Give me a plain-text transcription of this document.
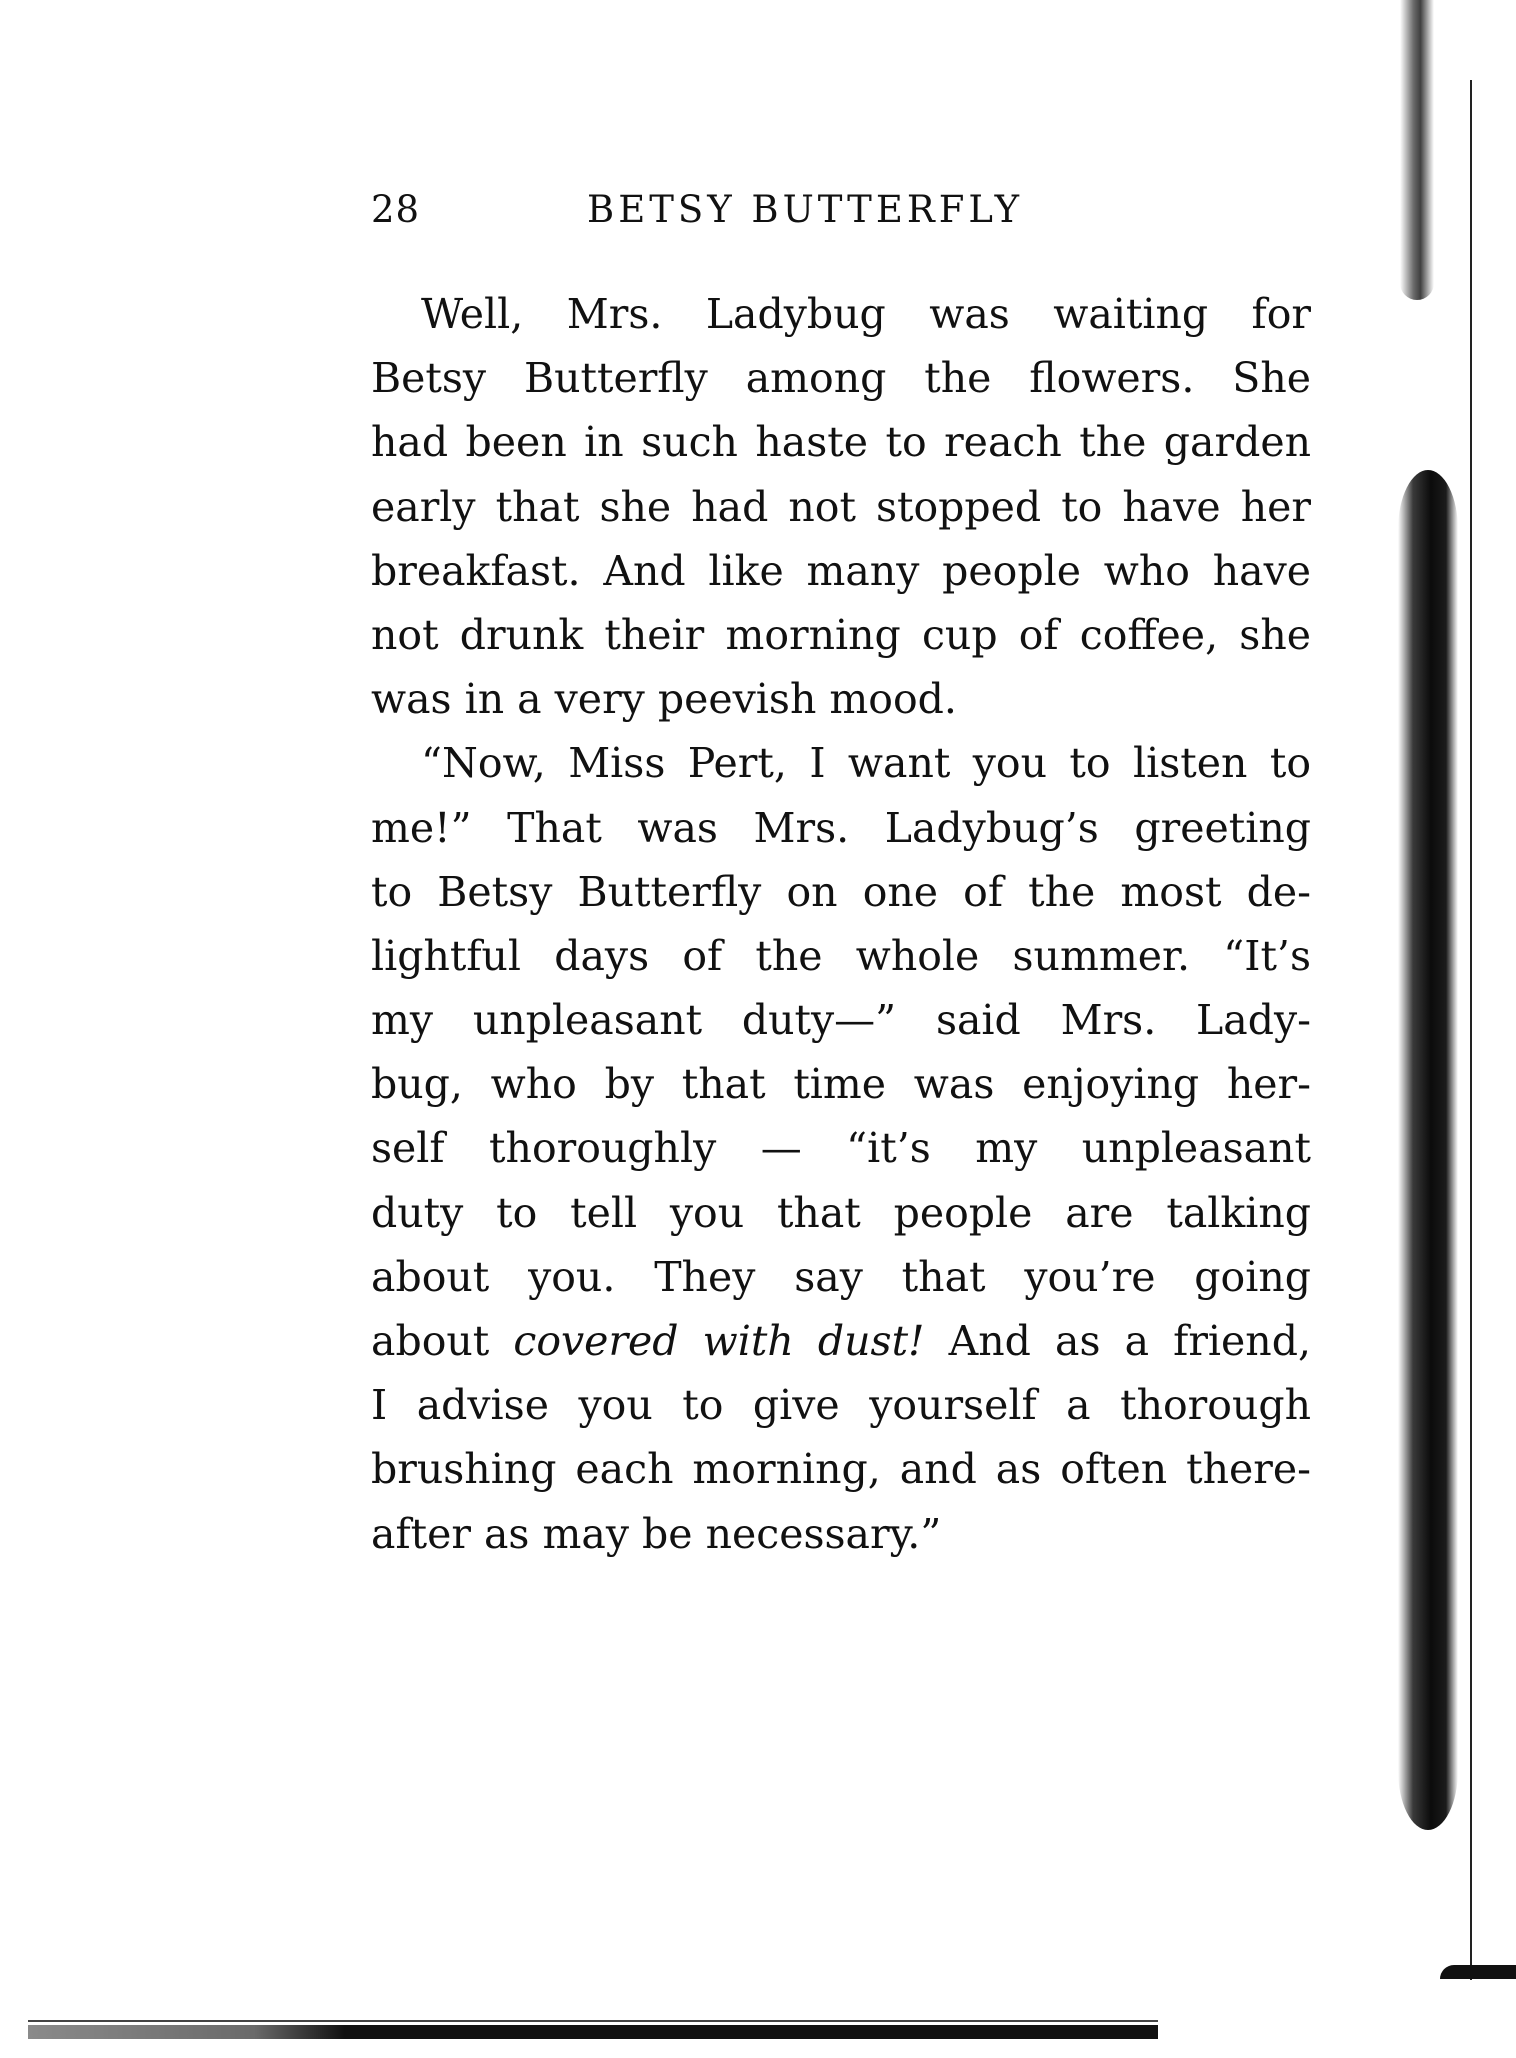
28	BETSY BUTTERFLY
Well, Mrs. Ladybug was waiting for
Betsy Butterfly among the flowers. She
had been in such haste to reach the garden
early that she had not stopped to have her
breakfast. And like many people who have
not drunk their morning cup of coffee, she
was in a very peevish mood.
“Now, Miss Pert, I want you to listen to
me!” That was Mrs. Ladybug’s greeting
to Betsy Butterfly on one of the most de-
lightful days of the whole summer. “It’s
my unpleasant duty—” said Mrs. Lady-
bug, who by that time was enjoying her-
self thoroughly — “it’s my unpleasant
duty to tell you that people are talking
about you. They say that you’re going
about covered with dust! And as a friend,
I advise you to give yourself a thorough
brushing each morning, and as often there-
after as may be necessary.”
